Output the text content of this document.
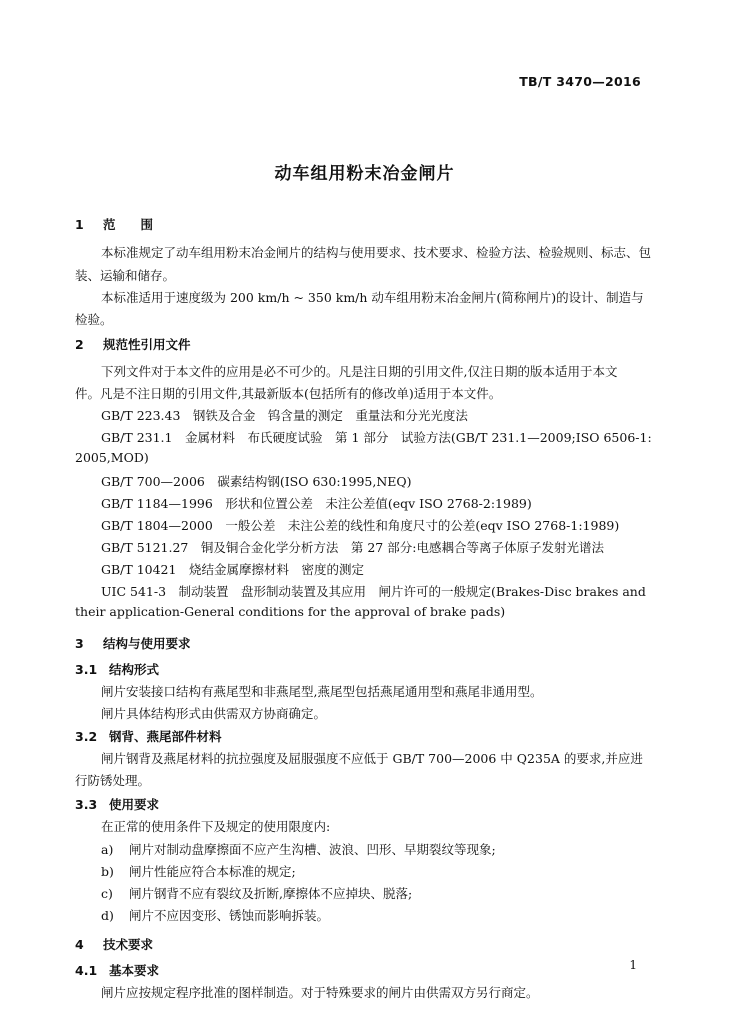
TB/T 3470—2016
动车组用粉末冶金闸片
1 范　　围
本标准规定了动车组用粉末冶金闸片的结构与使用要求、技术要求、检验方法、检验规则、标志、包
装、运输和储存。
本标准适用于速度级为 200 km/h ~ 350 km/h 动车组用粉末冶金闸片(简称闸片)的设计、制造与
检验。
2 规范性引用文件
下列文件对于本文件的应用是必不可少的。凡是注日期的引用文件,仅注日期的版本适用于本文
件。凡是不注日期的引用文件,其最新版本(包括所有的修改单)适用于本文件。
GB/T 223.43　钢铁及合金　钨含量的测定　重量法和分光光度法
GB/T 231.1　金属材料　布氏硬度试验　第 1 部分　试验方法(GB/T 231.1—2009;ISO 6506-1:
2005,MOD)
GB/T 700—2006　碳素结构钢(ISO 630:1995,NEQ)
GB/T 1184—1996　形状和位置公差　未注公差值(eqv ISO 2768-2:1989)
GB/T 1804—2000　一般公差　未注公差的线性和角度尺寸的公差(eqv ISO 2768-1:1989)
GB/T 5121.27　铜及铜合金化学分析方法　第 27 部分:电感耦合等离子体原子发射光谱法
GB/T 10421　烧结金属摩擦材料　密度的测定
UIC 541-3　制动装置　盘形制动装置及其应用　闸片许可的一般规定(Brakes-Disc brakes and
their application-General conditions for the approval of brake pads)
3 结构与使用要求
3.1 结构形式
闸片安装接口结构有燕尾型和非燕尾型,燕尾型包括燕尾通用型和燕尾非通用型。
闸片具体结构形式由供需双方协商确定。
3.2 钢背、燕尾部件材料
闸片钢背及燕尾材料的抗拉强度及屈服强度不应低于 GB/T 700—2006 中 Q235A 的要求,并应进
行防锈处理。
3.3 使用要求
在正常的使用条件下及规定的使用限度内:
a) 闸片对制动盘摩擦面不应产生沟槽、波浪、凹形、早期裂纹等现象;
b) 闸片性能应符合本标准的规定;
c) 闸片钢背不应有裂纹及折断,摩擦体不应掉块、脱落;
d) 闸片不应因变形、锈蚀而影响拆装。
4 技术要求
4.1 基本要求
闸片应按规定程序批准的图样制造。对于特殊要求的闸片由供需双方另行商定。
1
